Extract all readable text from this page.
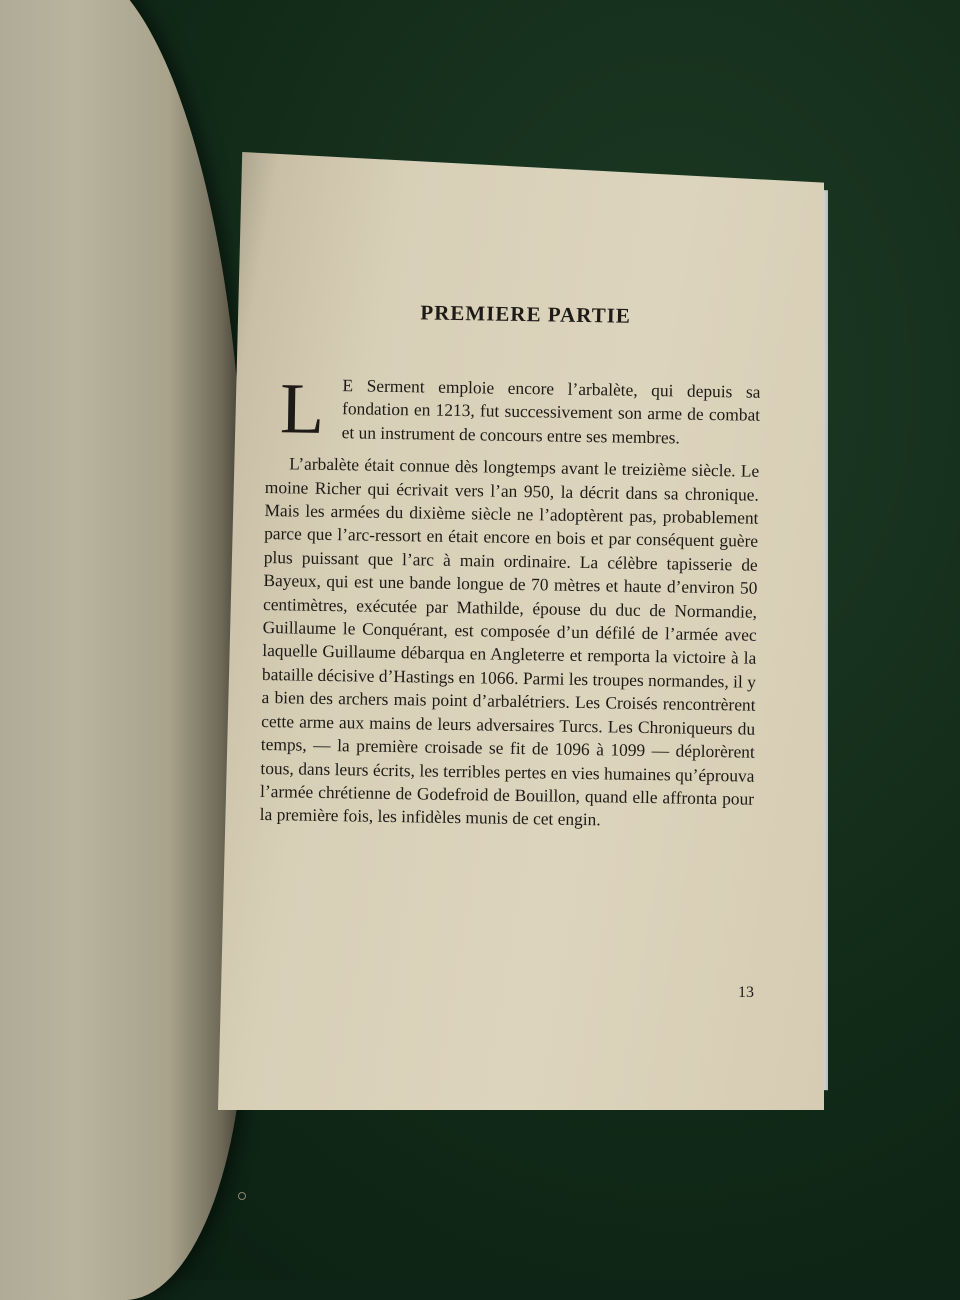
PREMIERE PARTIE

L E Serment emploie encore l’arbalète, qui depuis sa fondation en 1213, fut successivement son arme de combat et un instrument de concours entre ses membres.

L’arbalète était connue dès longtemps avant le treizième siècle. Le moine Richer qui écrivait vers l’an 950, la décrit dans sa chronique. Mais les armées du dixième siècle ne l’adoptèrent pas, probablement parce que l’arc-ressort en était encore en bois et par conséquent guère plus puissant que l’arc à main ordinaire. La célèbre tapisserie de Bayeux, qui est une bande longue de 70 mètres et haute d’environ 50 centimètres, exécutée par Mathilde, épouse du duc de Normandie, Guillaume le Conquérant, est composée d’un défilé de l’armée avec laquelle Guillaume débarqua en Angleterre et remporta la victoire à la bataille décisive d’Hastings en 1066. Parmi les troupes normandes, il y a bien des archers mais point d’arbalétriers. Les Croisés rencontrèrent cette arme aux mains de leurs adversaires Turcs. Les Chroniqueurs du temps, — la première croisade se fit de 1096 à 1099 — déplorèrent tous, dans leurs écrits, les terribles pertes en vies humaines qu’éprouva l’armée chrétienne de Godefroid de Bouillon, quand elle affronta pour la première fois, les infidèles munis de cet engin.

13
